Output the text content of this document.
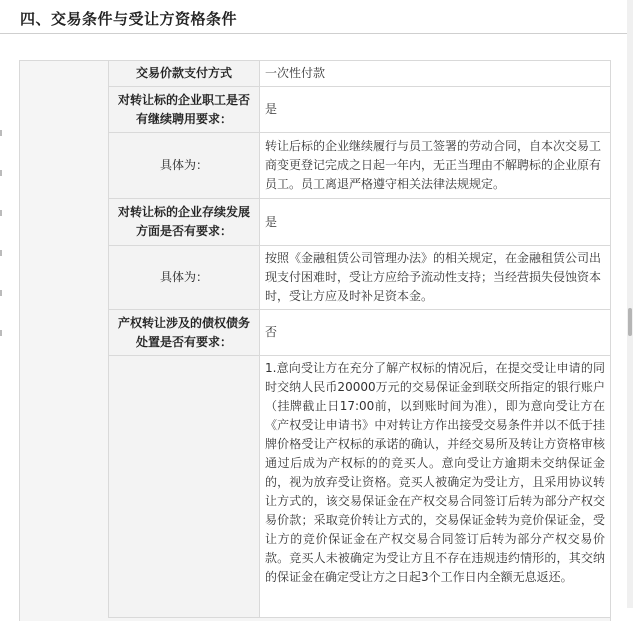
四、交易条件与受让方资格条件
交易价款支付方式	一次性付款
对转让标的企业职工是否有继续聘用要求：	是
具体为：	转让后标的企业继续履行与员工签署的劳动合同，自本次交易工商变更登记完成之日起一年内，无正当理由不解聘标的企业原有员工。员工离退严格遵守相关法律法规规定。
对转让标的企业存续发展方面是否有要求：	是
具体为：	按照《金融租赁公司管理办法》的相关规定，在金融租赁公司出现支付困难时，受让方应给予流动性支持；当经营损失侵蚀资本时，受让方应及时补足资本金。
产权转让涉及的债权债务处置是否有要求：	否
	1.意向受让方在充分了解产权标的情况后，在提交受让申请的同时交纳人民币20000万元的交易保证金到联交所指定的银行账户（挂牌截止日17:00前，以到账时间为准），即为意向受让方在《产权受让申请书》中对转让方作出接受交易条件并以不低于挂牌价格受让产权标的承诺的确认，并经交易所及转让方资格审核通过后成为产权标的的竞买人。意向受让方逾期未交纳保证金的，视为放弃受让资格。竞买人被确定为受让方，且采用协议转让方式的，该交易保证金在产权交易合同签订后转为部分产权交易价款；采取竞价转让方式的，交易保证金转为竞价保证金，受让方的竞价保证金在产权交易合同签订后转为部分产权交易价款。竞买人未被确定为受让方且不存在违规违约情形的，其交纳的保证金在确定受让方之日起3个工作日内全额无息返还。
